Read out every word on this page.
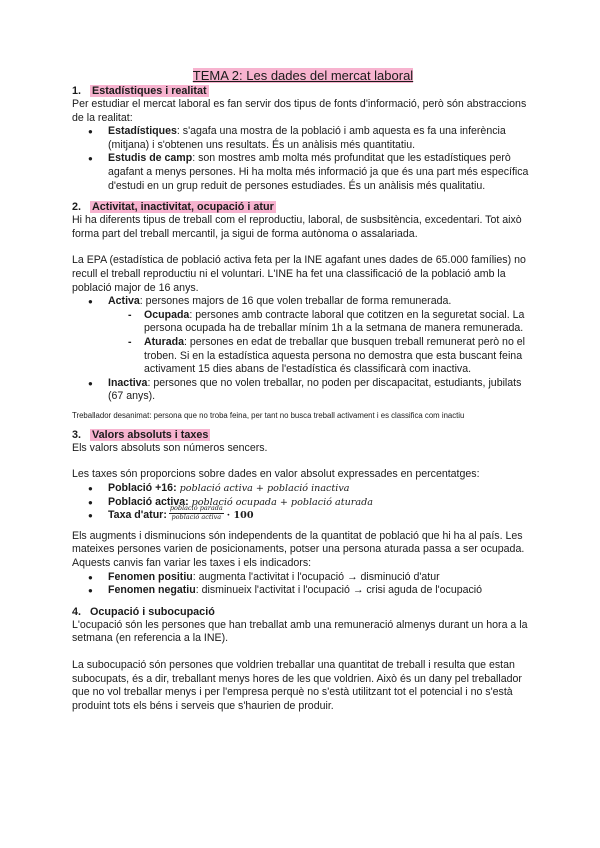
TEMA 2: Les dades del mercat laboral

1. Estadístiques i realitat

Per estudiar el mercat laboral es fan servir dos tipus de fonts d'informació, però són abstraccions de la realitat:

● Estadístiques: s'agafa una mostra de la població i amb aquesta es fa una inferència (mitjana) i s'obtenen uns resultats. És un anàlisis més quantitatiu.
● Estudis de camp: son mostres amb molta més profunditat que les estadístiques però agafant a menys persones. Hi ha molta més informació ja que és una part més específica d'estudi en un grup reduit de persones estudiades. És un anàlisis més qualitatiu.
2. Activitat, inactivitat, ocupació i atur

Hi ha diferents tipus de treball com el reproductiu, laboral, de susbsitència, excedentari. Tot això forma part del treball mercantil, ja sigui de forma autònoma o assalariada.

La EPA (estadística de població activa feta per la INE agafant unes dades de 65.000 famílies) no recull el treball reproductiu ni el voluntari. L'INE ha fet una classificació de la població amb la població major de 16 anys.

● Activa: persones majors de 16 que volen treballar de forma remunerada.
- Ocupada: persones amb contracte laboral que cotitzen en la seguretat social. La persona ocupada ha de treballar mínim 1h a la setmana de manera remunerada.
- Aturada: persones en edat de treballar que busquen treball remunerat però no el troben. Si en la estadística aquesta persona no demostra que esta buscant feina activament 15 dies abans de l'estadística és classificarà com inactiva.
● Inactiva: persones que no volen treballar, no poden per discapacitat, estudiants, jubilats (67 anys).

Treballador desanimat: persona que no troba feina, per tant no busca treball activament i es classifica com inactiu

3. Valors absoluts i taxes

Els valors absoluts son números sencers.

Les taxes són proporcions sobre dades en valor absolut expressades en percentatges:

● Població +16: població activa + població inactiva
● Població activa: població ocupada + població aturada
● Taxa d'atur: $\frac{\text{població parada}}{\text{població activa}} \cdot 100$

Els augments i disminucions són independents de la quantitat de població que hi ha al país. Les mateixes persones varien de posicionaments, potser una persona aturada passa a ser ocupada. Aquests canvis fan variar les taxes i els indicadors:

● Fenomen positiu: augmenta l'activitat i l'ocupació → disminució d'atur
● Fenomen negatiu: disminueix l'activitat i l'ocupació → crisi aguda de l'ocupació
4. Ocupació i subocupació

L'ocupació són les persones que han treballat amb una remuneració almenys durant un hora a la setmana (en referencia a la INE).

La subocupació són persones que voldrien treballar una quantitat de treball i resulta que estan subocupats, és a dir, treballant menys hores de les que voldrien. Això és un dany pel treballador que no vol treballar menys i per l'empresa perquè no s'està utilitzant tot el potencial i no s'està produint tots els béns i serveis que s'haurien de produir.
